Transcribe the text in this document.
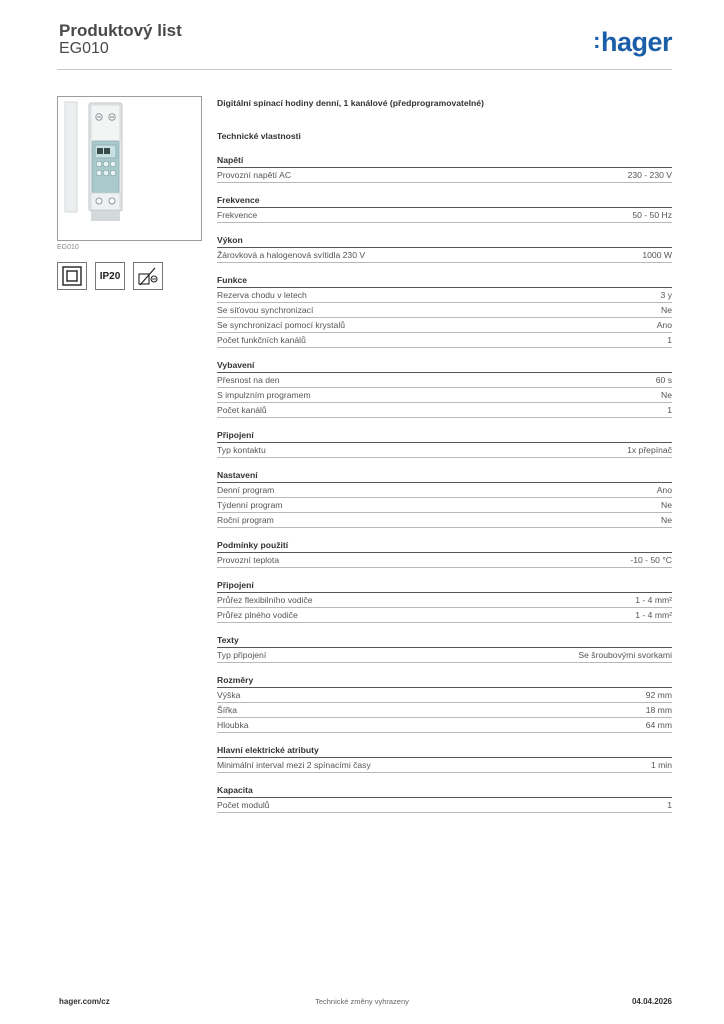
Produktový list
EG010	:hager
EG010
IP20
Digitální spínací hodiny denní, 1 kanálové (předprogramovatelné)
Technické vlastnosti
Napětí
Provozní napětí AC	230 - 230 V
Frekvence
Frekvence	50 - 50 Hz
Výkon
Žárovková a halogenová svítidla 230 V	1000 W
Funkce
Rezerva chodu v letech	3 y
Se síťovou synchronizací	Ne
Se synchronizací pomocí krystalů	Ano
Počet funkčních kanálů	1
Vybavení
Přesnost na den	60 s
S impulzním programem	Ne
Počet kanálů	1
Připojení
Typ kontaktu	1x přepínač
Nastavení
Denní program	Ano
Týdenní program	Ne
Roční program	Ne
Podmínky použití
Provozní teplota	-10 - 50 °C
Připojení
Průřez flexibilního vodiče	1 - 4 mm²
Průřez plného vodiče	1 - 4 mm²
Texty
Typ připojení	Se šroubovými svorkami
Rozměry
Výška	92 mm
Šířka	18 mm
Hloubka	64 mm
Hlavní elektrické atributy
Minimální interval mezi 2 spínacími časy	1 min
Kapacita
Počet modulů	1
hager.com/cz	Technické změny vyhrazeny	04.04.2026
